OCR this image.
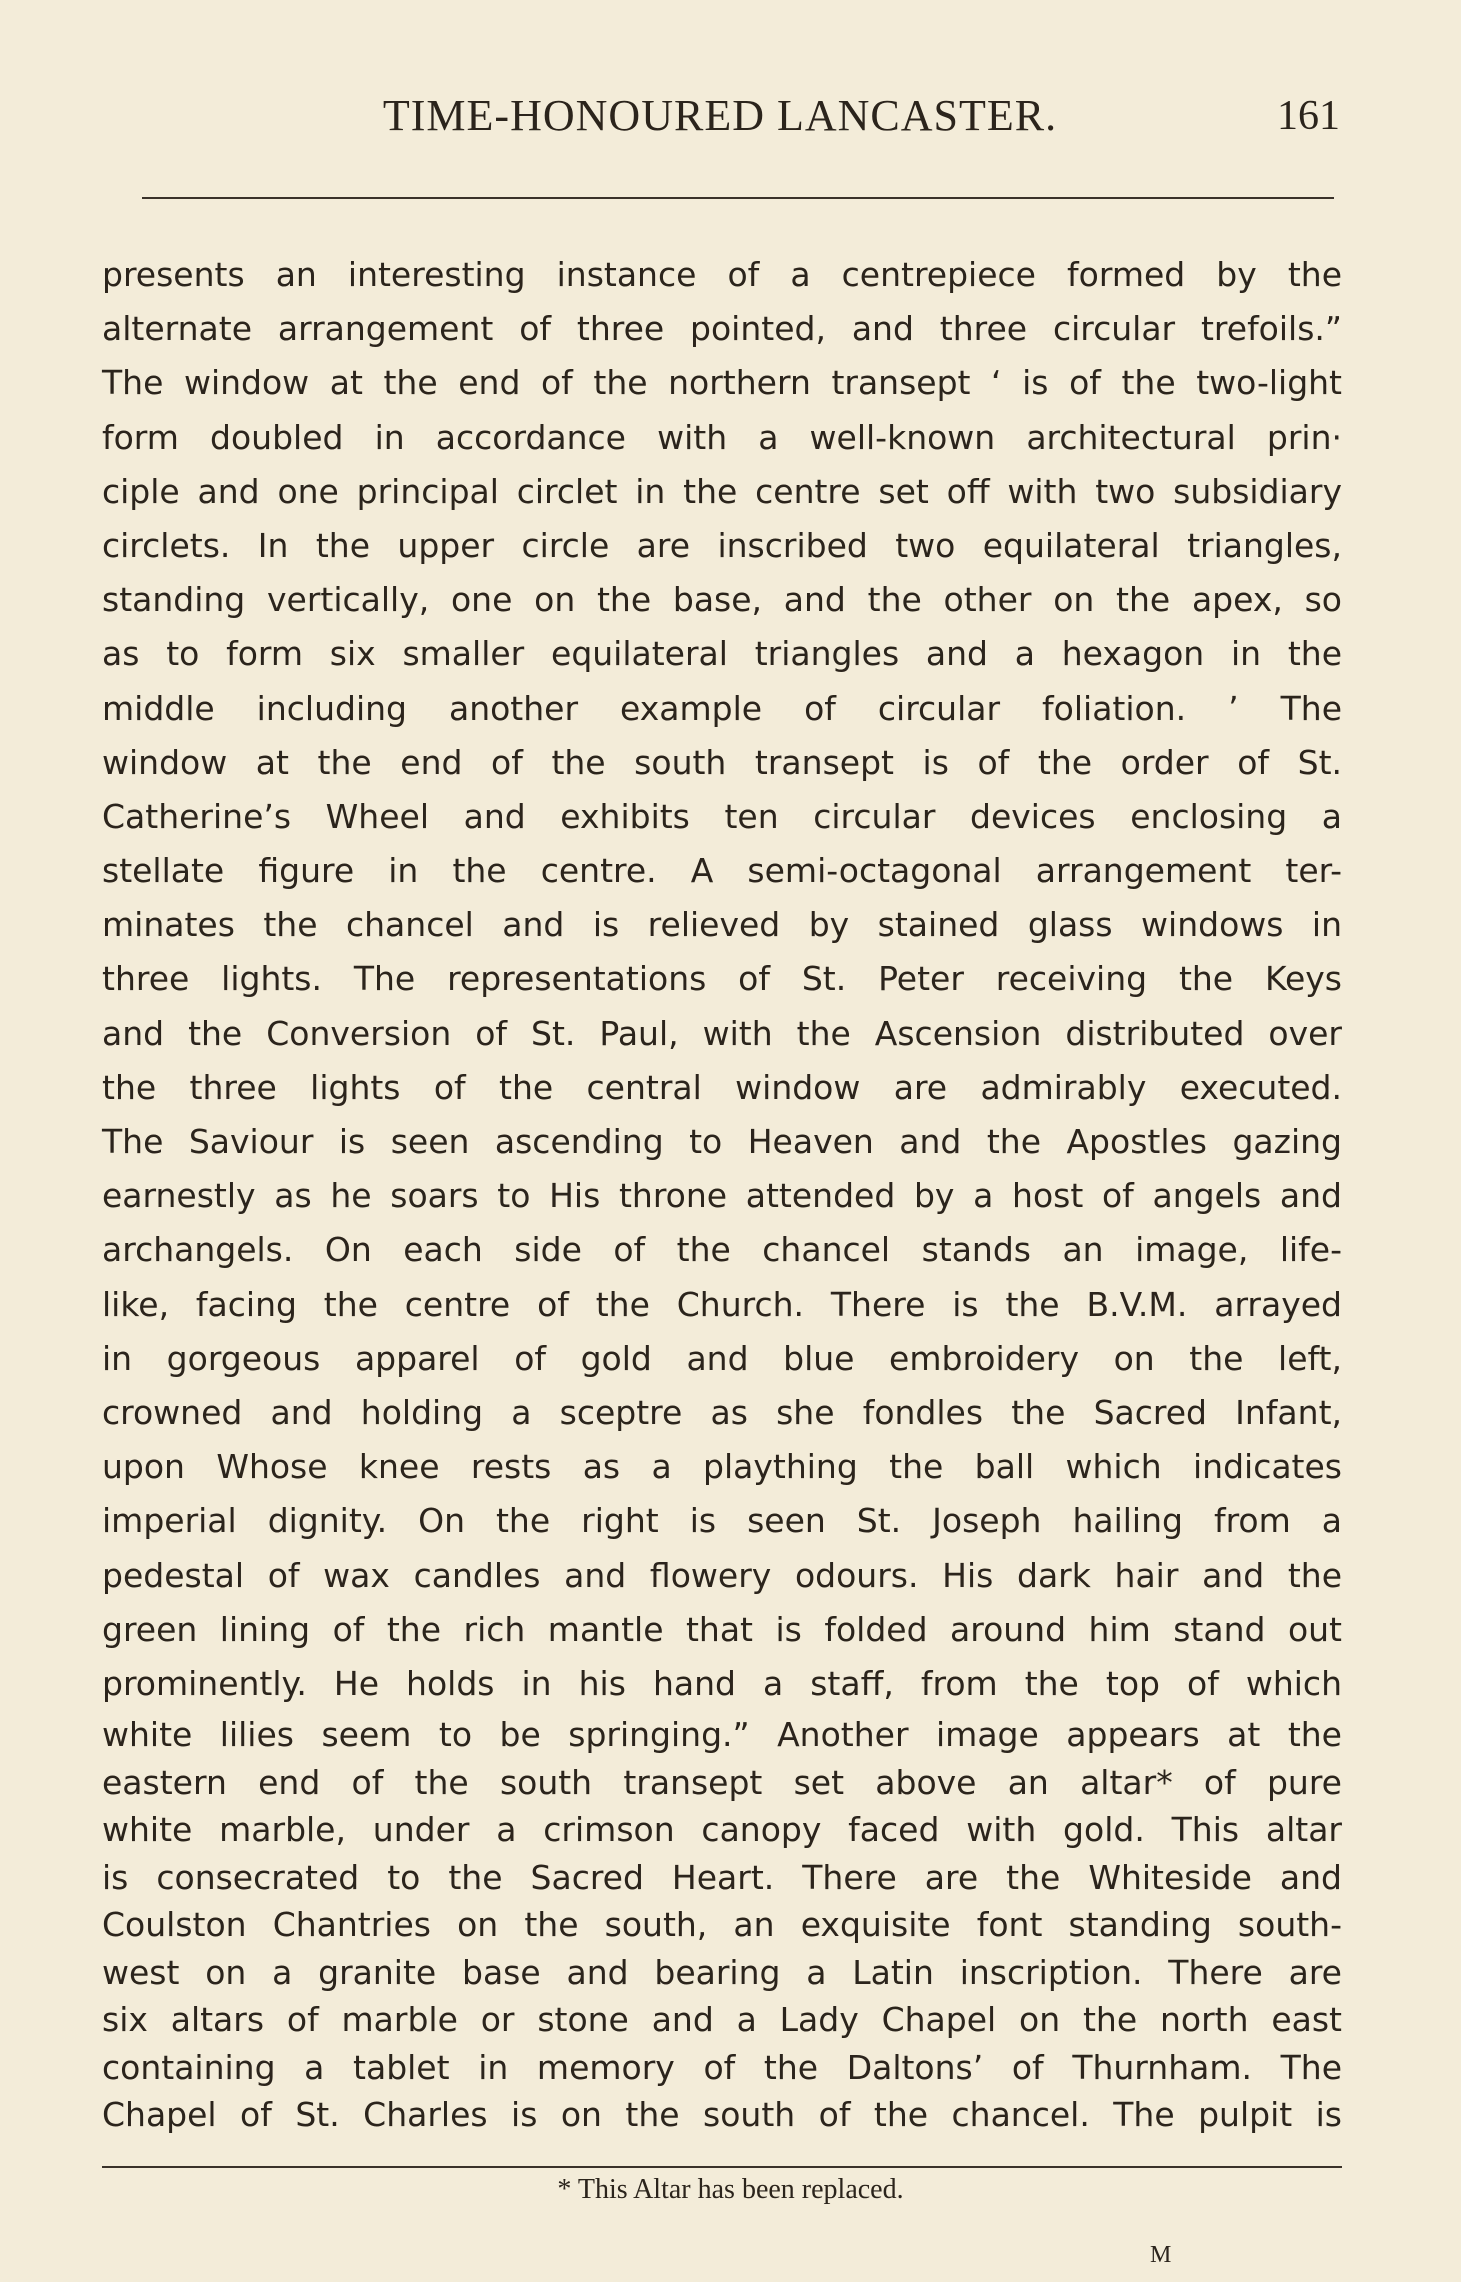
TIME-HONOURED LANCASTER.	161
presents an interesting instance of a centrepiece formed by the
alternate arrangement of three pointed, and three circular trefoils.”
The window at the end of the northern transept ‘ is of the two-light
form doubled in accordance with a well-known architectural prin·
ciple and one principal circlet in the centre set off with two subsidiary
circlets. In the upper circle are inscribed two equilateral triangles,
standing vertically, one on the base, and the other on the apex, so
as to form six smaller equilateral triangles and a hexagon in the
middle including another example of circular foliation. ’ The
window at the end of the south transept is of the order of St.
Catherine’s Wheel and exhibits ten circular devices enclosing a
stellate figure in the centre. A semi-octagonal arrangement ter-
minates the chancel and is relieved by stained glass windows in
three lights. The representations of St. Peter receiving the Keys
and the Conversion of St. Paul, with the Ascension distributed over
the three lights of the central window are admirably executed.
The Saviour is seen ascending to Heaven and the Apostles gazing
earnestly as he soars to His throne attended by a host of angels and
archangels. On each side of the chancel stands an image, life-
like, facing the centre of the Church. There is the B.V.M. arrayed
in gorgeous apparel of gold and blue embroidery on the left,
crowned and holding a sceptre as she fondles the Sacred Infant,
upon Whose knee rests as a plaything the ball which indicates
imperial dignity. On the right is seen St. Joseph hailing from a
pedestal of wax candles and flowery odours. His dark hair and the
green lining of the rich mantle that is folded around him stand out
prominently. He holds in his hand a staff, from the top of which
white lilies seem to be springing.” Another image appears at the
eastern end of the south transept set above an altar* of pure
white marble, under a crimson canopy faced with gold. This altar
is consecrated to the Sacred Heart. There are the Whiteside and
Coulston Chantries on the south, an exquisite font standing south-
west on a granite base and bearing a Latin inscription. There are
six altars of marble or stone and a Lady Chapel on the north east
containing a tablet in memory of the Daltons’ of Thurnham. The
Chapel of St. Charles is on the south of the chancel. The pulpit is
* This Altar has been replaced.
M
